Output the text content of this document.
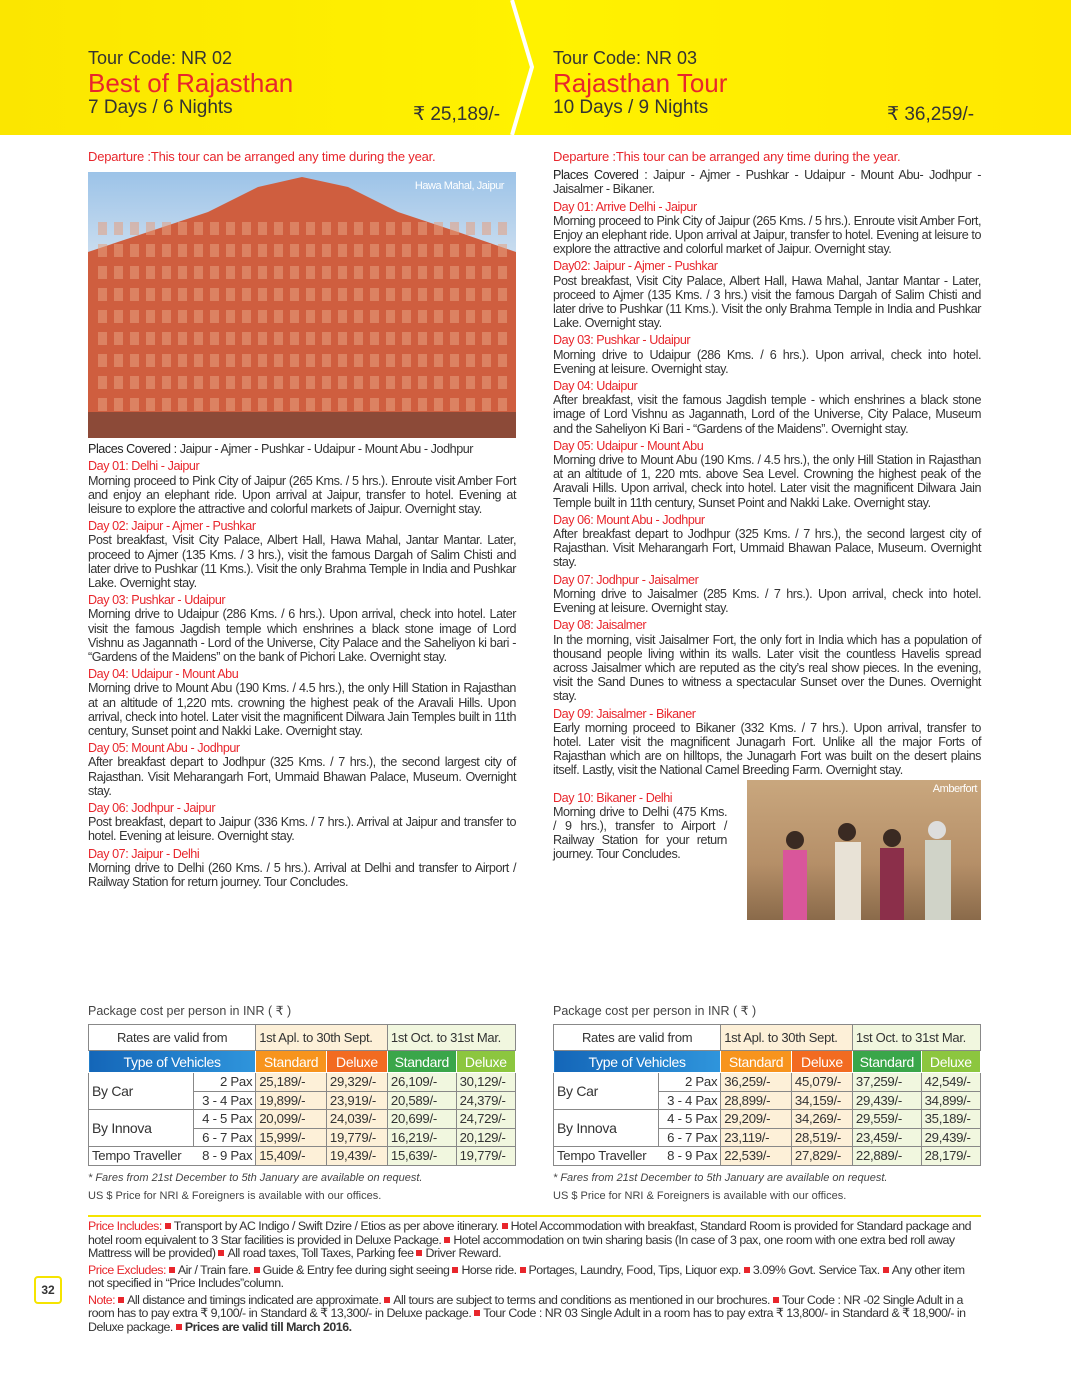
Tour Code: NR 02
Best of Rajasthan
7 Days / 6 Nights	₹ 25,189/-
Tour Code: NR 03
Rajasthan Tour
10 Days / 9 Nights	₹ 36,259/-
Departure :This tour can be arranged any time during the year.
Hawa Mahal, Jaipur
Places Covered : Jaipur - Ajmer - Pushkar - Udaipur - Mount Abu - Jodhpur
Day 01: Delhi - Jaipur
Morning proceed to Pink City of Jaipur (265 Kms. / 5 hrs.). Enroute visit Amber Fort and enjoy an elephant ride. Upon arrival at Jaipur, transfer to hotel. Evening at leisure to explore the attractive and colorful markets of Jaipur. Overnight stay.
Day 02: Jaipur - Ajmer - Pushkar
Post breakfast, Visit City Palace, Albert Hall, Hawa Mahal, Jantar Mantar. Later, proceed to Ajmer (135 Kms. / 3 hrs.), visit the famous Dargah of Salim Chisti and later drive to Pushkar (11 Kms.). Visit the only Brahma Temple in India and Pushkar Lake. Overnight stay.
Day 03: Pushkar - Udaipur
Morning drive to Udaipur (286 Kms. / 6 hrs.). Upon arrival, check into hotel. Later visit the famous Jagdish temple which enshrines a black stone image of Lord Vishnu as Jagannath - Lord of the Universe, City Palace and the Saheliyon ki bari - “Gardens of the Maidens” on the bank of Pichori Lake. Overnight stay.
Day 04: Udaipur - Mount Abu
Morning drive to Mount Abu (190 Kms. / 4.5 hrs.), the only Hill Station in Rajasthan at an altitude of 1,220 mts. crowning the highest peak of the Aravali Hills. Upon arrival, check into hotel. Later visit the magnificent Dilwara Jain Temples built in 11th century, Sunset point and Nakki Lake. Overnight stay.
Day 05: Mount Abu - Jodhpur
After breakfast depart to Jodhpur (325 Kms. / 7 hrs.), the second largest city of Rajasthan. Visit Meharangarh Fort, Ummaid Bhawan Palace, Museum. Overnight stay.
Day 06: Jodhpur - Jaipur
Post breakfast, depart to Jaipur (336 Kms. / 7 hrs.). Arrival at Jaipur and transfer to hotel. Evening at leisure. Overnight stay.
Day 07: Jaipur - Delhi
Morning drive to Delhi (260 Kms. / 5 hrs.). Arrival at Delhi and transfer to Airport / Railway Station for return journey. Tour Concludes.
Departure :This tour can be arranged any time during the year.
Places Covered : Jaipur - Ajmer - Pushkar - Udaipur - Mount Abu- Jodhpur - Jaisalmer - Bikaner.
Day 01: Arrive Delhi - Jaipur
Morning proceed to Pink City of Jaipur (265 Kms. / 5 hrs.). Enroute visit Amber Fort, Enjoy an elephant ride. Upon arrival at Jaipur, transfer to hotel. Evening at leisure to explore the attractive and colorful market of Jaipur. Overnight stay.
Day02: Jaipur - Ajmer - Pushkar
Post breakfast, Visit City Palace, Albert Hall, Hawa Mahal, Jantar Mantar - Later, proceed to Ajmer (135 Kms. / 3 hrs.) visit the famous Dargah of Salim Chisti and later drive to Pushkar (11 Kms.). Visit the only Brahma Temple in India and Pushkar Lake. Overnight stay.
Day 03: Pushkar - Udaipur
Morning drive to Udaipur (286 Kms. / 6 hrs.). Upon arrival, check into hotel. Evening at leisure. Overnight stay.
Day 04: Udaipur
After breakfast, visit the famous Jagdish temple - which enshrines a black stone image of Lord Vishnu as Jagannath, Lord of the Universe, City Palace, Museum and the Saheliyon Ki Bari - “Gardens of the Maidens”. Overnight stay.
Day 05: Udaipur - Mount Abu
Morning drive to Mount Abu (190 Kms. / 4.5 hrs.), the only Hill Station in Rajasthan at an altitude of 1, 220 mts. above Sea Level. Crowning the highest peak of the Aravali Hills. Upon arrival, check into hotel. Later visit the magnificent Dilwara Jain Temple built in 11th century, Sunset Point and Nakki Lake. Overnight stay.
Day 06: Mount Abu - Jodhpur
After breakfast depart to Jodhpur (325 Kms. / 7 hrs.), the second largest city of Rajasthan. Visit Meharangarh Fort, Ummaid Bhawan Palace, Museum. Overnight stay.
Day 07: Jodhpur - Jaisalmer
Morning drive to Jaisalmer (285 Kms. / 7 hrs.). Upon arrival, check into hotel. Evening at leisure. Overnight stay.
Day 08: Jaisalmer
In the morning, visit Jaisalmer Fort, the only fort in India which has a population of thousand people living within its walls. Later visit the countless Havelis spread across Jaisalmer which are reputed as the city’s real show pieces. In the evening, visit the Sand Dunes to witness a spectacular Sunset over the Dunes. Overnight stay.
Day 09: Jaisalmer - Bikaner
Early morning proceed to Bikaner (332 Kms. / 7 hrs.). Upon arrival, transfer to hotel. Later visit the magnificent Junagarh Fort. Unlike all the major Forts of Rajasthan which are on hilltops, the Junagarh Fort was built on the desert plains itself. Lastly, visit the National Camel Breeding Farm. Overnight stay.
Day 10: Bikaner - Delhi
Morning drive to Delhi (475 Kms. / 9 hrs.), transfer to Airport / Railway Station for your return journey. Tour Concludes.
Amberfort
Package cost per person in INR ( ₹ )	Package cost per person in INR ( ₹ )
Rates are valid from		1st Apl. to 30th Sept.		1st Oct. to 31st Mar.	
Type of Vehicles		Standard	Deluxe	Standard	Deluxe
By Car	2 Pax	25,189/-	29,329/-	26,109/-	30,129/-
	3 - 4 Pax	19,899/-	23,919/-	20,589/-	24,379/-
By Innova	4 - 5 Pax	20,099/-	24,039/-	20,699/-	24,729/-
	6 - 7 Pax	15,999/-	19,779/-	16,219/-	20,129/-
Tempo Traveller	8 - 9 Pax	15,409/-	19,439/-	15,639/-	19,779/-
Rates are valid from		1st Apl. to 30th Sept.		1st Oct. to 31st Mar.	
Type of Vehicles		Standard	Deluxe	Standard	Deluxe
By Car	2 Pax	36,259/-	45,079/-	37,259/-	42,549/-
	3 - 4 Pax	28,899/-	34,159/-	29,439/-	34,899/-
By Innova	4 - 5 Pax	29,209/-	34,269/-	29,559/-	35,189/-
	6 - 7 Pax	23,119/-	28,519/-	23,459/-	29,439/-
Tempo Traveller	8 - 9 Pax	22,539/-	27,829/-	22,889/-	28,179/-
* Fares from 21st December to 5th January are available on request.
US $ Price for NRI & Foreigners is available with our offices.
* Fares from 21st December to 5th January are available on request.
US $ Price for NRI & Foreigners is available with our offices.
32

Price Includes: Transport by AC Indigo / Swift Dzire / Etios as per above itinerary. Hotel Accommodation with breakfast, Standard Room is provided for Standard package and hotel room equivalent to 3 Star facilities is provided in Deluxe Package. Hotel accommodation on twin sharing basis (In case of 3 pax, one room with one extra bed roll away Mattress will be provided) All road taxes, Toll Taxes, Parking fee Driver Reward.

Price Excludes: Air / Train fare. Guide & Entry fee during sight seeing Horse ride. Portages, Laundry, Food, Tips, Liquor exp. 3.09% Govt. Service Tax. Any other item not specified in “Price Includes”column.

Note: All distance and timings indicated are approximate. All tours are subject to terms and conditions as mentioned in our brochures. Tour Code : NR -02 Single Adult in a room has to pay extra ₹ 9,100/- in Standard & ₹ 13,300/- in Deluxe package. Tour Code : NR 03 Single Adult in a room has to pay extra ₹ 13,800/- in Standard & ₹ 18,900/- in Deluxe package. Prices are valid till March 2016.
